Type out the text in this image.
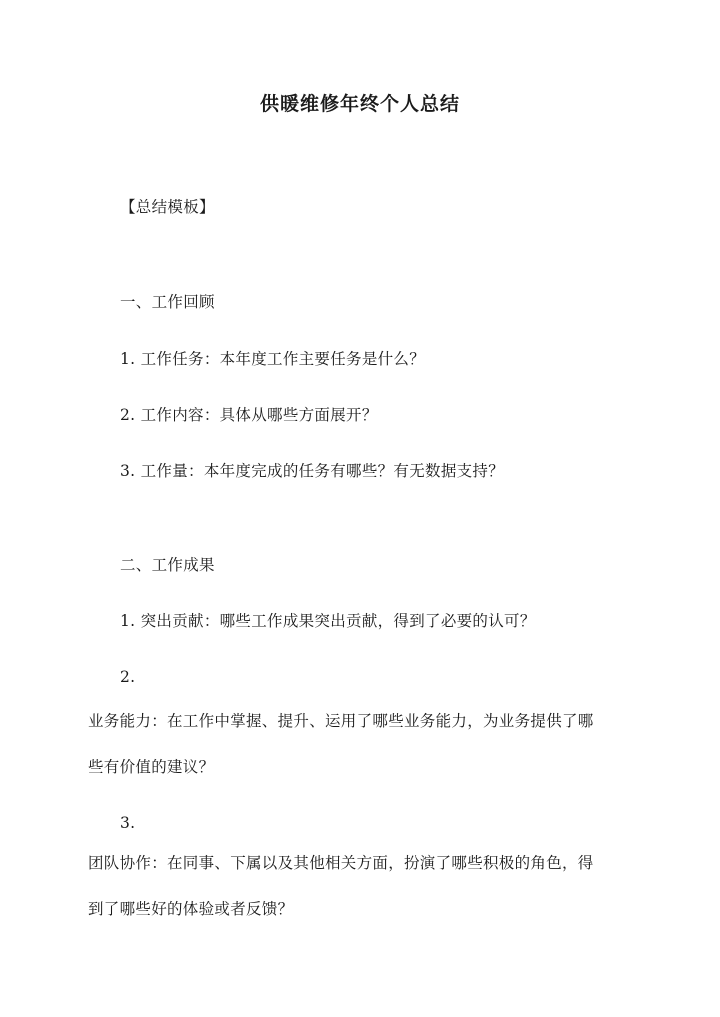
供暖维修年终个人总结
【总结模板】
一、工作回顾
1. 工作任务：本年度工作主要任务是什么？
2. 工作内容：具体从哪些方面展开？
3. 工作量：本年度完成的任务有哪些？有无数据支持？
二、工作成果
1. 突出贡献：哪些工作成果突出贡献，得到了必要的认可？
2.
业务能力：在工作中掌握、提升、运用了哪些业务能力，为业务提供了哪
些有价值的建议？
3.
团队协作：在同事、下属以及其他相关方面，扮演了哪些积极的角色，得
到了哪些好的体验或者反馈？
